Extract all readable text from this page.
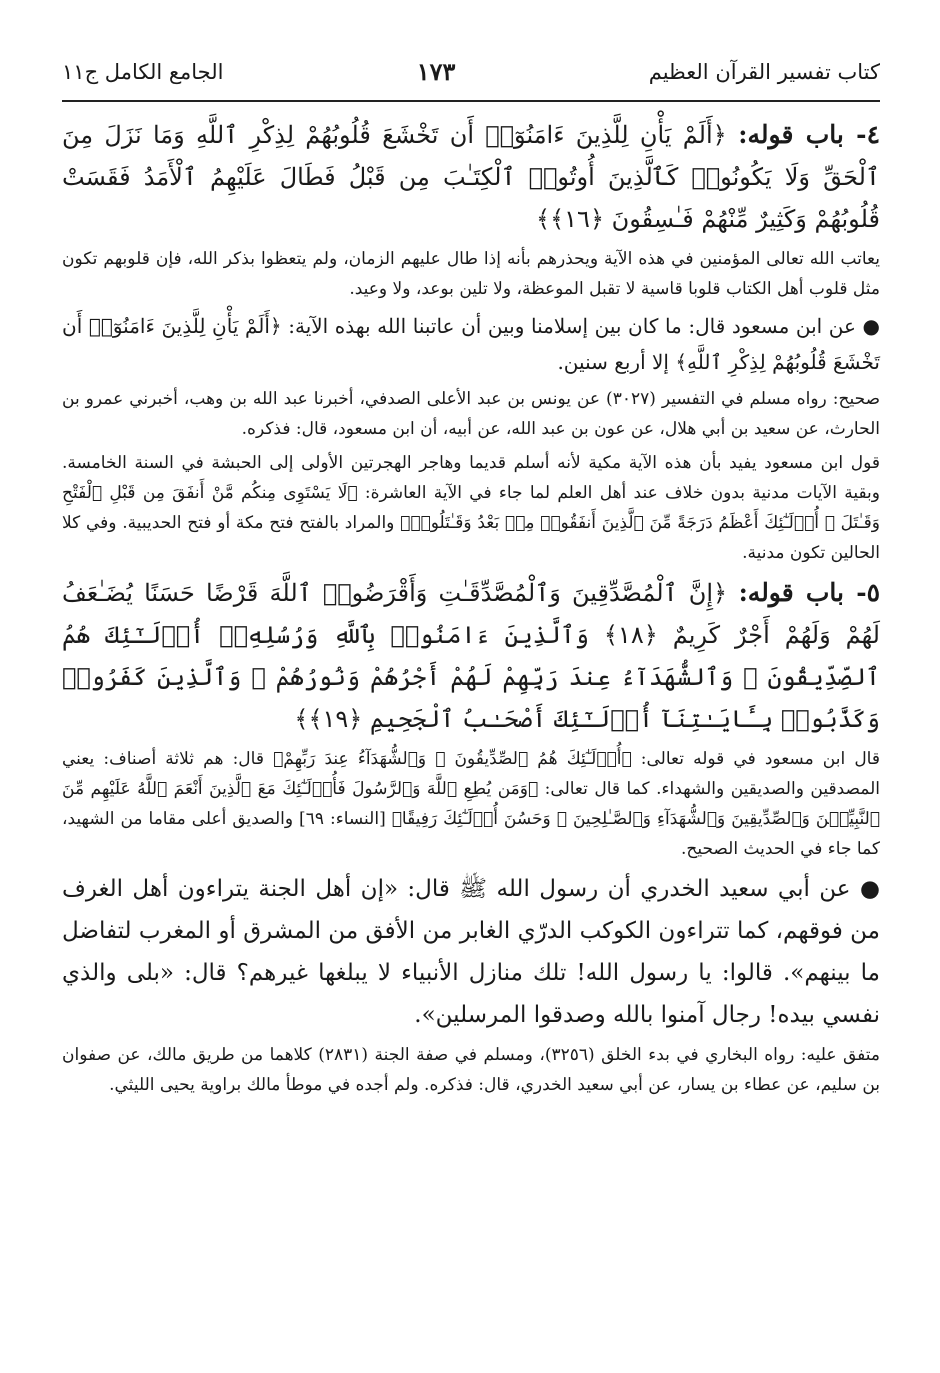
كتاب تفسير القرآن العظيم
١٧٣
الجامع الكامل ج١١
٤- باب قوله: ﴿أَلَمْ يَأْنِ لِلَّذِينَ ءَامَنُوٓا۟ أَن تَخْشَعَ قُلُوبُهُمْ لِذِكْرِ ٱللَّهِ وَمَا نَزَلَ مِنَ ٱلْحَقِّ وَلَا يَكُونُوا۟ كَٱلَّذِينَ أُوتُوا۟ ٱلْكِتَـٰبَ مِن قَبْلُ فَطَالَ عَلَيْهِمُ ٱلْأَمَدُ فَقَسَتْ قُلُوبُهُمْ وَكَثِيرٌ مِّنْهُمْ فَـٰسِقُونَ ﴿١٦﴾﴾

يعاتب الله تعالى المؤمنين في هذه الآية ويحذرهم بأنه إذا طال عليهم الزمان، ولم يتعظوا بذكر الله، فإن قلوبهم تكون مثل قلوب أهل الكتاب قلوبا قاسية لا تقبل الموعظة، ولا تلين بوعد، ولا وعيد.

● عن ابن مسعود قال: ما كان بين إسلامنا وبين أن عاتبنا الله بهذه الآية: ﴿أَلَمْ يَأْنِ لِلَّذِينَ ءَامَنُوٓا۟ أَن تَخْشَعَ قُلُوبُهُمْ لِذِكْرِ ٱللَّهِ﴾ إلا أربع سنين.

صحيح: رواه مسلم في التفسير (٣٠٢٧) عن يونس بن عبد الأعلى الصدفي، أخبرنا عبد الله بن وهب، أخبرني عمرو بن الحارث، عن سعيد بن أبي هلال، عن عون بن عبد الله، عن أبيه، أن ابن مسعود، قال: فذكره.

قول ابن مسعود يفيد بأن هذه الآية مكية لأنه أسلم قديما وهاجر الهجرتين الأولى إلى الحبشة في السنة الخامسة. وبقية الآيات مدنية بدون خلاف عند أهل العلم لما جاء في الآية العاشرة: ﴿لَا يَسْتَوِى مِنكُم مَّنْ أَنفَقَ مِن قَبْلِ ٱلْفَتْحِ وَقَـٰتَلَ ۚ أُو۟لَـٰٓئِكَ أَعْظَمُ دَرَجَةً مِّنَ ٱلَّذِينَ أَنفَقُوا۟ مِنۢ بَعْدُ وَقَـٰتَلُوا۟﴾ والمراد بالفتح فتح مكة أو فتح الحديبية. وفي كلا الحالين تكون مدنية.

٥- باب قوله: ﴿إِنَّ ٱلْمُصَّدِّقِينَ وَٱلْمُصَّدِّقَـٰتِ وَأَقْرَضُوا۟ ٱللَّهَ قَرْضًا حَسَنًا يُضَـٰعَفُ لَهُمْ وَلَهُمْ أَجْرٌ كَرِيمٌ ﴿١٨﴾ وَٱلَّذِينَ ءَامَنُوا۟ بِٱللَّهِ وَرُسُلِهِۦٓ أُو۟لَـٰٓئِكَ هُمُ ٱلصِّدِّيقُونَ ۖ وَٱلشُّهَدَآءُ عِندَ رَبِّهِمْ لَهُمْ أَجْرُهُمْ وَنُورُهُمْ ۖ وَٱلَّذِينَ كَفَرُوا۟ وَكَذَّبُوا۟ بِـَٔايَـٰتِنَآ أُو۟لَـٰٓئِكَ أَصْحَـٰبُ ٱلْجَحِيمِ ﴿١٩﴾﴾

قال ابن مسعود في قوله تعالى: ﴿أُو۟لَـٰٓئِكَ هُمُ ٱلصِّدِّيقُونَ ۖ وَٱلشُّهَدَآءُ عِندَ رَبِّهِمْ﴾ قال: هم ثلاثة أصناف: يعني المصدقين والصديقين والشهداء. كما قال تعالى: ﴿وَمَن يُطِعِ ٱللَّهَ وَٱلرَّسُولَ فَأُو۟لَـٰٓئِكَ مَعَ ٱلَّذِينَ أَنْعَمَ ٱللَّهُ عَلَيْهِم مِّنَ ٱلنَّبِيِّـۧنَ وَٱلصِّدِّيقِينَ وَٱلشُّهَدَآءِ وَٱلصَّـٰلِحِينَ ۚ وَحَسُنَ أُو۟لَـٰٓئِكَ رَفِيقًا﴾ [النساء: ٦٩] والصديق أعلى مقاما من الشهيد، كما جاء في الحديث الصحيح.

● عن أبي سعيد الخدري أن رسول الله ﷺ قال: «إن أهل الجنة يتراءون أهل الغرف من فوقهم، كما تتراءون الكوكب الدرّي الغابر من الأفق من المشرق أو المغرب لتفاضل ما بينهم». قالوا: يا رسول الله! تلك منازل الأنبياء لا يبلغها غيرهم؟ قال: «بلى والذي نفسي بيده! رجال آمنوا بالله وصدقوا المرسلين».

متفق عليه: رواه البخاري في بدء الخلق (٣٢٥٦)، ومسلم في صفة الجنة (٢٨٣١) كلاهما من طريق مالك، عن صفوان بن سليم، عن عطاء بن يسار، عن أبي سعيد الخدري، قال: فذكره. ولم أجده في موطأ مالك براوية يحيى الليثي.
